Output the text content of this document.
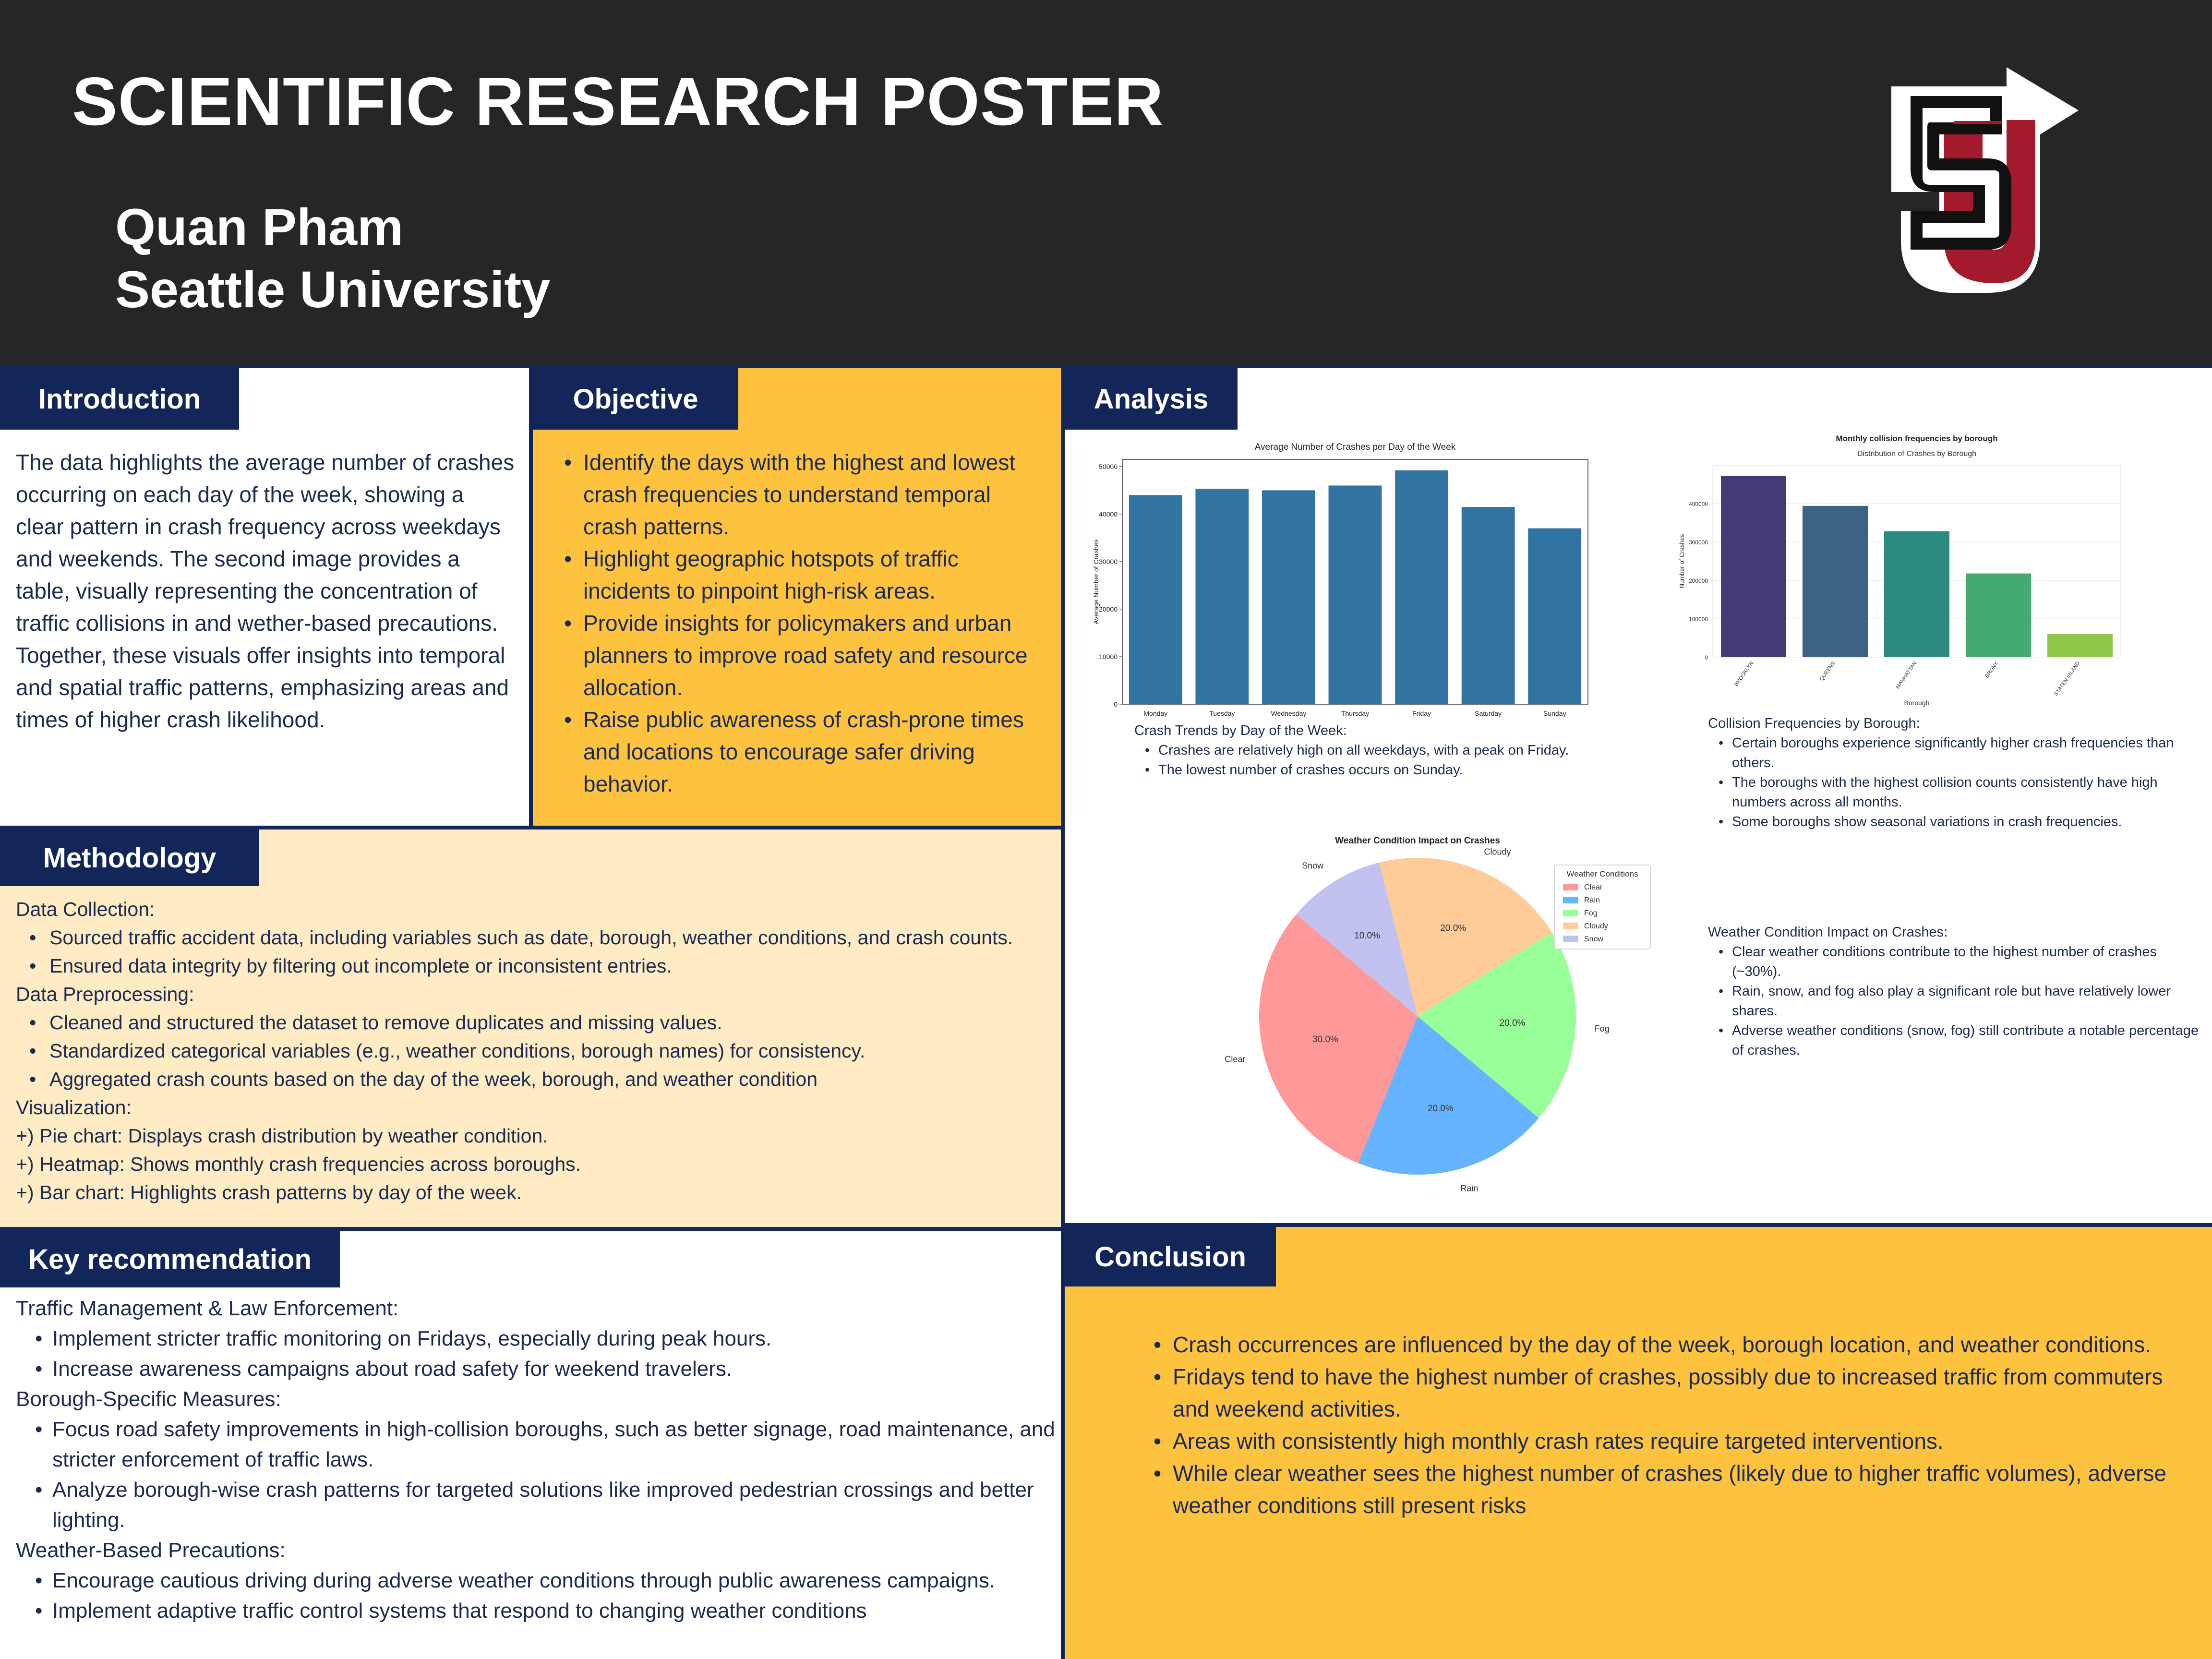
SCIENTIFIC RESEARCH POSTER
Quan Pham
Seattle University
Introduction
The data highlights the average number of crashes occurring on each day of the week, showing a clear pattern in crash frequency across weekdays and weekends. The second image provides a table, visually representing the concentration of traffic collisions in and wether-based precautions. Together, these visuals offer insights into temporal and spatial traffic patterns, emphasizing areas and times of higher crash likelihood.
Objective
• Identify the days with the highest and lowest crash frequencies to understand temporal crash patterns.
• Highlight geographic hotspots of traffic incidents to pinpoint high-risk areas.
• Provide insights for policymakers and urban planners to improve road safety and resource allocation.
• Raise public awareness of crash-prone times and locations to encourage safer driving behavior.
Methodology
Data Collection:
• Sourced traffic accident data, including variables such as date, borough, weather conditions, and crash counts.
• Ensured data integrity by filtering out incomplete or inconsistent entries.
Data Preprocessing:
• Cleaned and structured the dataset to remove duplicates and missing values.
• Standardized categorical variables (e.g., weather conditions, borough names) for consistency.
• Aggregated crash counts based on the day of the week, borough, and weather condition
Visualization:
+) Pie chart: Displays crash distribution by weather condition.
+) Heatmap: Shows monthly crash frequencies across boroughs.
+) Bar chart: Highlights crash patterns by day of the week.
Key recommendation
Traffic Management & Law Enforcement:
• Implement stricter traffic monitoring on Fridays, especially during peak hours.
• Increase awareness campaigns about road safety for weekend travelers.
Borough-Specific Measures:
• Focus road safety improvements in high-collision boroughs, such as better signage, road maintenance, and stricter enforcement of traffic laws.
• Analyze borough-wise crash patterns for targeted solutions like improved pedestrian crossings and better lighting.
Weather-Based Precautions:
• Encourage cautious driving during adverse weather conditions through public awareness campaigns.
• Implement adaptive traffic control systems that respond to changing weather conditions
Analysis
Average Number of Crashes per Day of the Week
0
10000
20000
30000
40000
50000
Average Number of Crashes
Monday	Tuesday	Wednesday	Thursday	Friday	Saturday	Sunday
Crash Trends by Day of the Week:
• Crashes are relatively high on all weekdays, with a peak on Friday.
• The lowest number of crashes occurs on Sunday.
Monthly collision frequencies by borough
Distribution of Crashes by Borough
0
100000
200000
300000
400000
Number of Crashes
BROOKLYN	QUEENS	MANHATTAN	BRONX	STATEN ISLAND
Borough
Collision Frequencies by Borough:
• Certain boroughs experience significantly higher crash frequencies than others.
• The boroughs with the highest collision counts consistently have high numbers across all months.
• Some boroughs show seasonal variations in crash frequencies.
Weather Condition Impact on Crashes
30.0%
Clear
20.0%
Rain
20.0%
Fog
20.0%
Cloudy
10.0%
Snow
Weather Conditions
Clear
Rain
Fog
Cloudy
Snow	Weather Condition Impact on Crashes:
• Clear weather conditions contribute to the highest number of crashes (~30%).
• Rain, snow, and fog also play a significant role but have relatively lower shares.
• Adverse weather conditions (snow, fog) still contribute a notable percentage of crashes.
Conclusion
• Crash occurrences are influenced by the day of the week, borough location, and weather conditions.
• Fridays tend to have the highest number of crashes, possibly due to increased traffic from commuters and weekend activities.
• Areas with consistently high monthly crash rates require targeted interventions.
• While clear weather sees the highest number of crashes (likely due to higher traffic volumes), adverse weather conditions still present risks
